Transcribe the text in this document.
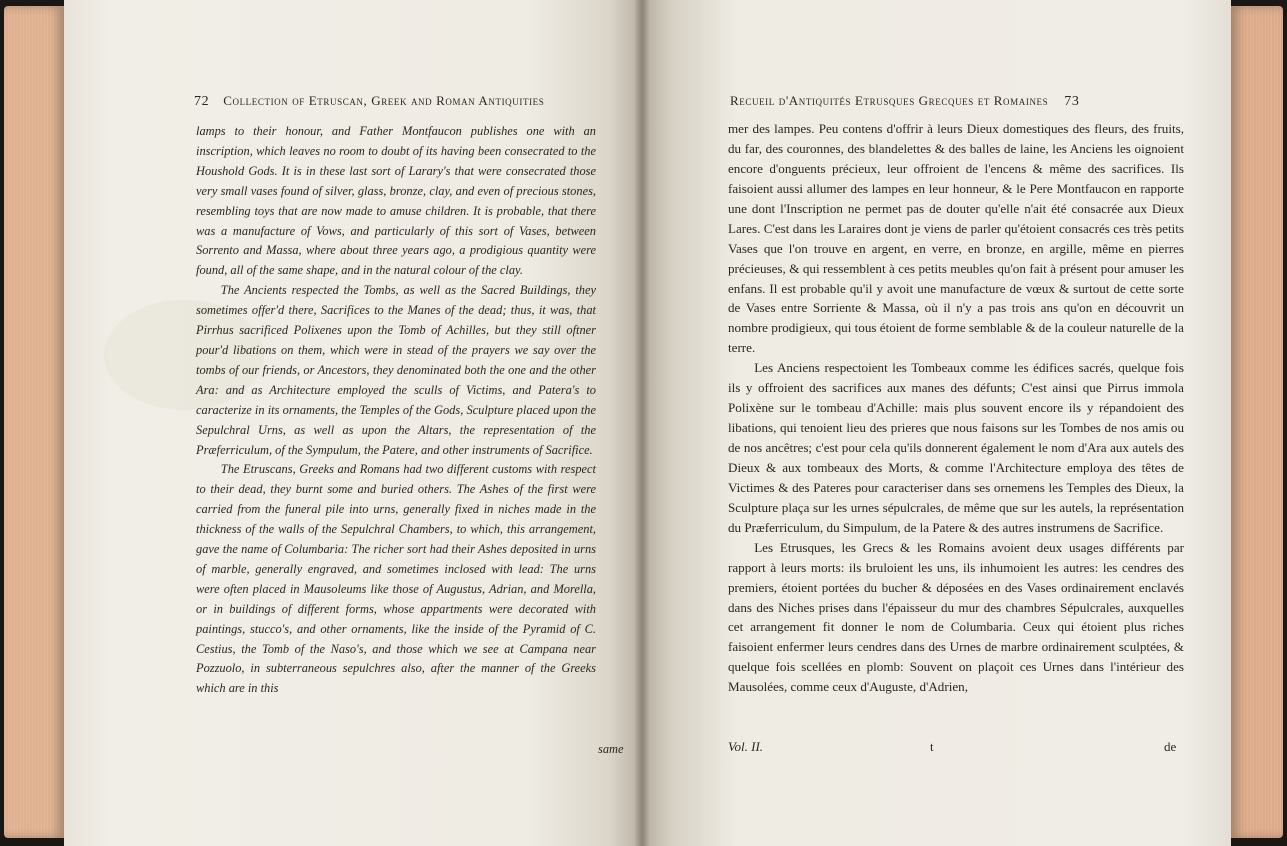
72 Collection of Etruscan, Greek and Roman Antiquities

lamps to their honour, and Father Montfaucon publishes one with an inscription, which leaves no room to doubt of its having been consecrated to the Houshold Gods. It is in these last sort of Larary's that were consecrated those very small vases found of silver, glass, bronze, clay, and even of precious stones, resembling toys that are now made to amuse children. It is probable, that there was a manufacture of Vows, and particularly of this sort of Vases, between Sorrento and Massa, where about three years ago, a prodigious quantity were found, all of the same shape, and in the natural colour of the clay.

The Ancients respected the Tombs, as well as the Sacred Buildings, they sometimes offer'd there, Sacrifices to the Manes of the dead; thus, it was, that Pirrhus sacrificed Polixenes upon the Tomb of Achilles, but they still oftner pour'd libations on them, which were in stead of the prayers we say over the tombs of our friends, or Ancestors, they denominated both the one and the other Ara: and as Architecture employed the sculls of Victims, and Patera's to caracterize in its ornaments, the Temples of the Gods, Sculpture placed upon the Sepulchral Urns, as well as upon the Altars, the representation of the Præferriculum, of the Sympulum, the Patere, and other instruments of Sacrifice.

The Etruscans, Greeks and Romans had two different customs with respect to their dead, they burnt some and buried others. The Ashes of the first were carried from the funeral pile into urns, generally fixed in niches made in the thickness of the walls of the Sepulchral Chambers, to which, this arrangement, gave the name of Columbaria: The richer sort had their Ashes deposited in urns of marble, generally engraved, and sometimes inclosed with lead: The urns were often placed in Mausoleums like those of Augustus, Adrian, and Morella, or in buildings of different forms, whose appartments were decorated with paintings, stucco's, and other ornaments, like the inside of the Pyramid of C. Cestius, the Tomb of the Naso's, and those which we see at Campana near Pozzuolo, in subterraneous sepulchres also, after the manner of the Greeks which are in this

same
Recueil d'Antiquités Etrusques Grecques et Romaines 73

mer des lampes. Peu contens d'offrir à leurs Dieux domestiques des fleurs, des fruits, du far, des couronnes, des blandelettes & des balles de laine, les Anciens les oignoient encore d'onguents précieux, leur offroient de l'encens & même des sacrifices. Ils faisoient aussi allumer des lampes en leur honneur, & le Pere Montfaucon en rapporte une dont l'Inscription ne permet pas de douter qu'elle n'ait été consacrée aux Dieux Lares. C'est dans les Laraires dont je viens de parler qu'étoient consacrés ces très petits Vases que l'on trouve en argent, en verre, en bronze, en argille, même en pierres précieuses, & qui ressemblent à ces petits meubles qu'on fait à présent pour amuser les enfans. Il est probable qu'il y avoit une manufacture de vœux & surtout de cette sorte de Vases entre Sorriente & Massa, où il n'y a pas trois ans qu'on en découvrit un nombre prodigieux, qui tous étoient de forme semblable & de la couleur naturelle de la terre.

Les Anciens respectoient les Tombeaux comme les édifices sacrés, quelque fois ils y offroient des sacrifices aux manes des défunts; C'est ainsi que Pirrus immola Polixène sur le tombeau d'Achille: mais plus souvent encore ils y répandoient des libations, qui tenoient lieu des prieres que nous faisons sur les Tombes de nos amis ou de nos ancêtres; c'est pour cela qu'ils donnerent également le nom d'Ara aux autels des Dieux & aux tombeaux des Morts, & comme l'Architecture employa des têtes de Victimes & des Pateres pour caracteriser dans ses ornemens les Temples des Dieux, la Sculpture plaça sur les urnes sépulcrales, de même que sur les autels, la représentation du Præferriculum, du Simpulum, de la Patere & des autres instrumens de Sacrifice.

Les Etrusques, les Grecs & les Romains avoient deux usages différents par rapport à leurs morts: ils bruloient les uns, ils inhumoient les autres: les cendres des premiers, étoient portées du bucher & déposées en des Vases ordinairement enclavés dans des Niches prises dans l'épaisseur du mur des chambres Sépulcrales, auxquelles cet arrangement fit donner le nom de Columbaria. Ceux qui étoient plus riches faisoient enfermer leurs cendres dans des Urnes de marbre ordinairement sculptées, & quelque fois scellées en plomb: Souvent on plaçoit ces Urnes dans l'intérieur des Mausolées, comme ceux d'Auguste, d'Adrien,

Vol. II.	t	de
